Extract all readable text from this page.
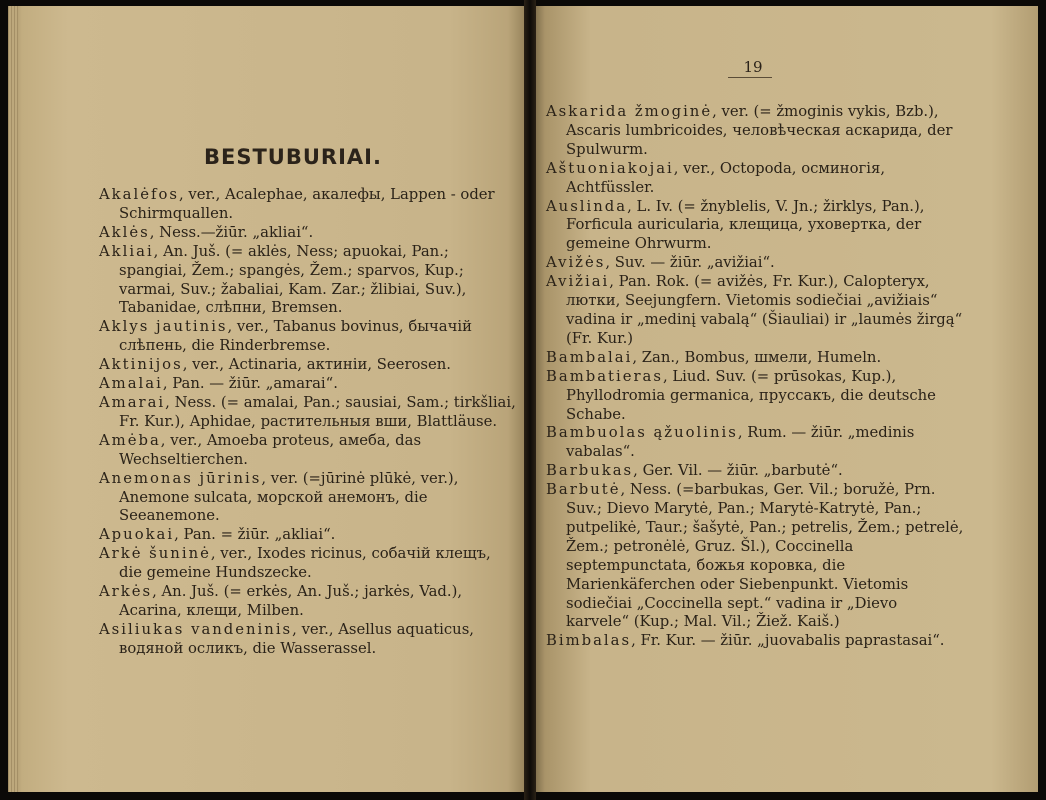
BESTUBURIAI.

Akalėfos, ver., Acalephae, акалефы, Lappen - oder Schirmquallen.

Aklės, Ness.—žiūr. „akliai“.

Akliai, An. Juš. (= aklės, Ness; apuokai, Pan.; spangiai, Žem.; spangės, Žem.; sparvos, Kup.; varmai, Suv.; žabaliai, Kam. Zar.; žlibiai, Suv.), Tabanidae, слѣпни, Bremsen.

Aklys jautinis, ver., Tabanus bovinus, бычачій слѣпень, die Rinderbremse.

Aktinijos, ver., Actinaria, актиніи, Seerosen.

Amalai, Pan. — žiūr. „amarai“.

Amarai, Ness. (= amalai, Pan.; sausiai, Sam.; tirkšliai, Fr. Kur.), Aphidae, растительныя вши, Blattläuse.

Amėba, ver., Amoeba proteus, амеба, das Wechseltierchen.

Anemonas jūrinis, ver. (=jūrinė plūkė, ver.), Anemone sulcata, морской анемонъ, die Seeanemone.

Apuokai, Pan. = žiūr. „akliai“.

Arkė šuninė, ver., Ixodes ricinus, собачій клещъ, die gemeine Hundszecke.

Arkės, An. Juš. (= erkės, An. Juš.; jarkės, Vad.), Acarina, клещи, Milben.

Asiliukas vandeninis, ver., Asellus aquaticus, водяной осликъ, die Wasserassel.

19

Askarida žmoginė, ver. (= žmoginis vykis, Bzb.), Ascaris lumbricoides, человѣческая аскарида, der Spulwurm.

Aštuoniakojai, ver., Octopoda, осминогія, Achtfüssler.

Auslinda, L. Iv. (= žnyblelis, V. Jn.; žirklys, Pan.), Forficula auricularia, клещица, уховертка, der gemeine Ohrwurm.

Avižės, Suv. — žiūr. „avižiai“.

Avižiai, Pan. Rok. (= avižės, Fr. Kur.), Calopteryx, лютки, Seejungfern. Vietomis sodiečiai „avižiais“ vadina ir „medinį vabalą“ (Šiauliai) ir „laumės žirgą“ (Fr. Kur.)

Bambalai, Zan., Bombus, шмели, Humeln.

Bambatieras, Liud. Suv. (= prūsokas, Kup.), Phyllodromia germanica, пруссакъ, die deutsche Schabe.

Bambuolas ąžuolinis, Rum. — žiūr. „medinis vabalas“.

Barbukas, Ger. Vil. — žiūr. „barbutė“.

Barbutė, Ness. (=barbukas, Ger. Vil.; boružė, Prn. Suv.; Dievo Marytė, Pan.; Marytė-Katrytė, Pan.; putpelikė, Taur.; šašytė, Pan.; petrelis, Žem.; petrelė, Žem.; petronėlė, Gruz. Šl.), Coccinella septempunctata, божья коровка, die Marienkäferchen oder Siebenpunkt. Vietomis sodiečiai „Coccinella sept.“ vadina ir „Dievo karvele“ (Kup.; Mal. Vil.; Žiež. Kaiš.)

Bimbalas, Fr. Kur. — žiūr. „juovabalis paprastasai“.
